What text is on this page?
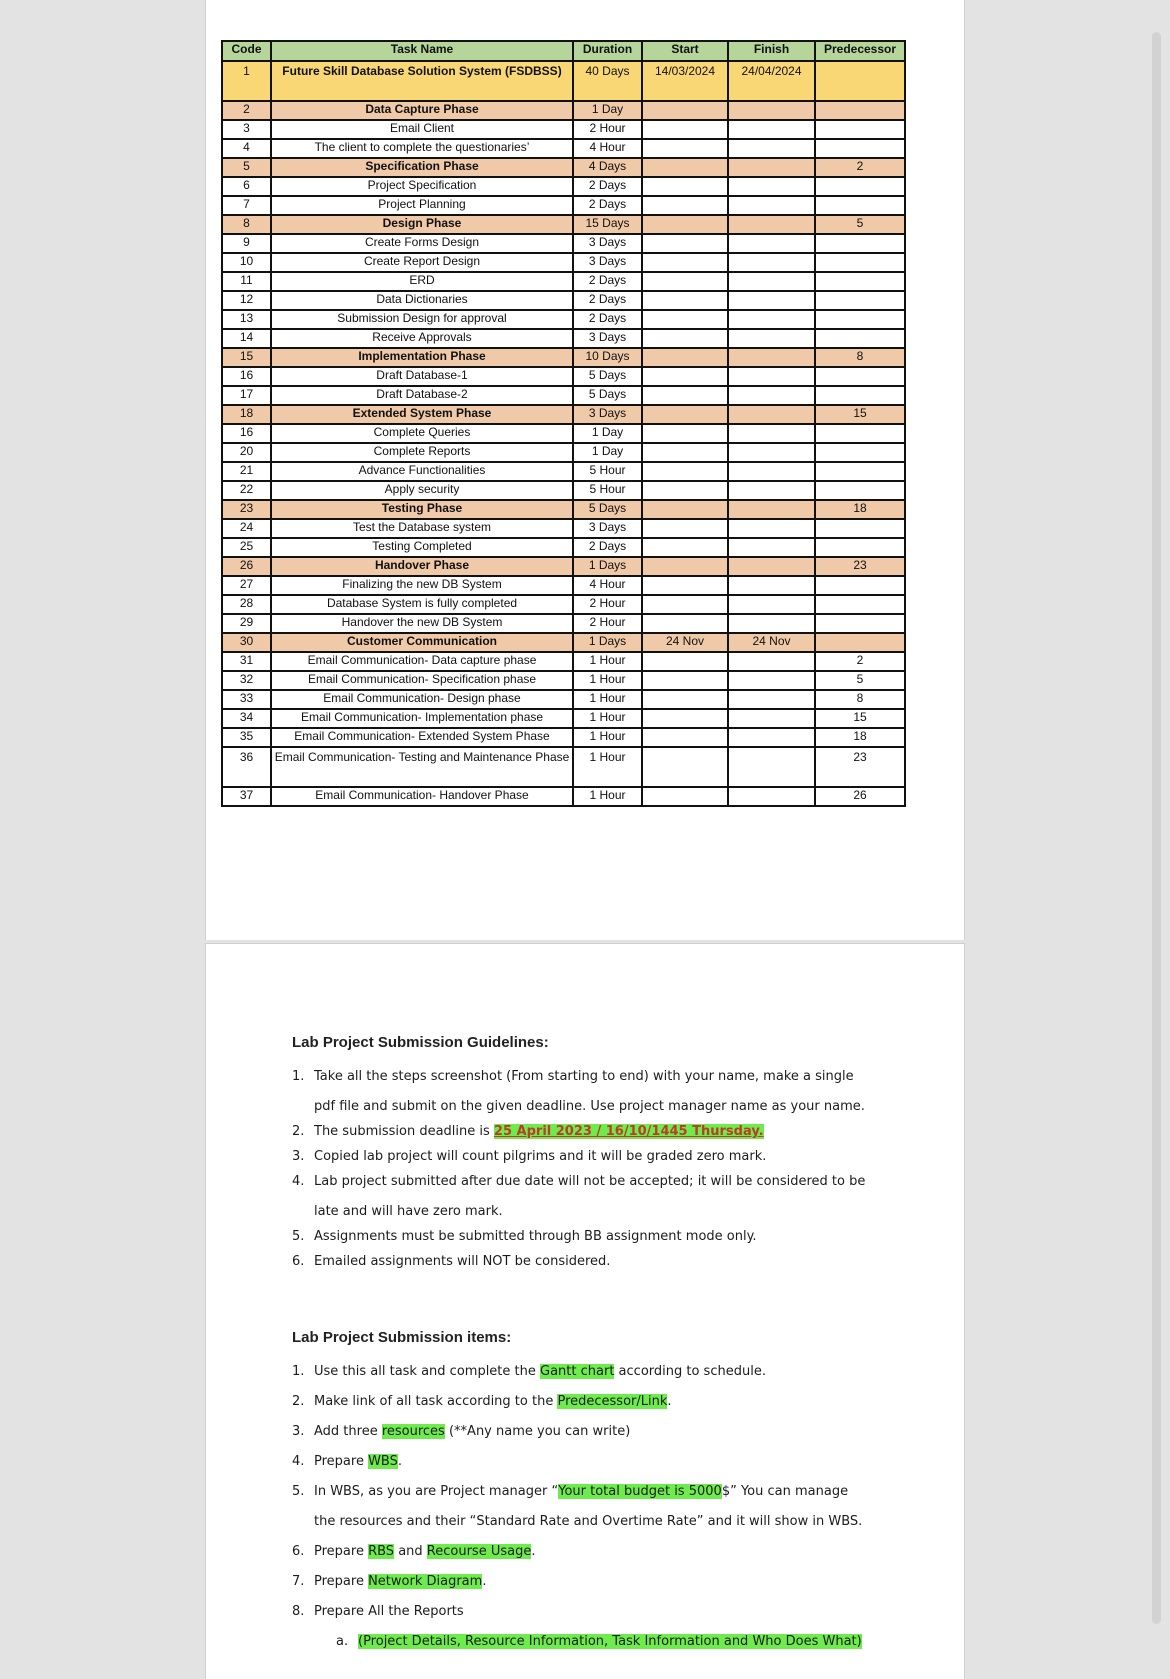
Code	Task Name	Duration	Start	Finish	Predecessor
1	Future Skill Database Solution System (FSDBSS)	40 Days	14/03/2024	24/04/2024	
2	Data Capture Phase	1 Day			
3	Email Client	2 Hour			
4	The client to complete the questionaries’	4 Hour			
5	Specification Phase	4 Days			2
6	Project Specification	2 Days			
7	Project Planning	2 Days			
8	Design Phase	15 Days			5
9	Create Forms Design	3 Days			
10	Create Report Design	3 Days			
11	ERD	2 Days			
12	Data Dictionaries	2 Days			
13	Submission Design for approval	2 Days			
14	Receive Approvals	3 Days			
15	Implementation Phase	10 Days			8
16	Draft Database-1	5 Days			
17	Draft Database-2	5 Days			
18	Extended System Phase	3 Days			15
16	Complete Queries	1 Day			
20	Complete Reports	1 Day			
21	Advance Functionalities	5 Hour			
22	Apply security	5 Hour			
23	Testing Phase	5 Days			18
24	Test the Database system	3 Days			
25	Testing Completed	2 Days			
26	Handover Phase	1 Days			23
27	Finalizing the new DB System	4 Hour			
28	Database System is fully completed	2 Hour			
29	Handover the new DB System	2 Hour			
30	Customer Communication	1 Days	24 Nov	24 Nov	
31	Email Communication- Data capture phase	1 Hour			2
32	Email Communication- Specification phase	1 Hour			5
33	Email Communication- Design phase	1 Hour			8
34	Email Communication- Implementation phase	1 Hour			15
35	Email Communication- Extended System Phase	1 Hour			18
36	Email Communication- Testing and Maintenance Phase	1 Hour			23
37	Email Communication- Handover Phase	1 Hour			26
Lab Project Submission Guidelines:
1. Take all the steps screenshot (From starting to end) with your name, make a single pdf file and submit on the given deadline. Use project manager name as your name.
2. The submission deadline is 25 April 2023 / 16/10/1445 Thursday.
3. Copied lab project will count pilgrims and it will be graded zero mark.
4. Lab project submitted after due date will not be accepted; it will be considered to be late and will have zero mark.
5. Assignments must be submitted through BB assignment mode only.
6. Emailed assignments will NOT be considered.
Lab Project Submission items:
1. Use this all task and complete the Gantt chart according to schedule.
2. Make link of all task according to the Predecessor/Link.
3. Add three resources (**Any name you can write)
4. Prepare WBS.
5. In WBS, as you are Project manager “Your total budget is 5000$” You can manage the resources and their “Standard Rate and Overtime Rate” and it will show in WBS.
6. Prepare RBS and Recourse Usage.
7. Prepare Network Diagram.
8. Prepare All the Reports
a. (Project Details, Resource Information, Task Information and Who Does What)
